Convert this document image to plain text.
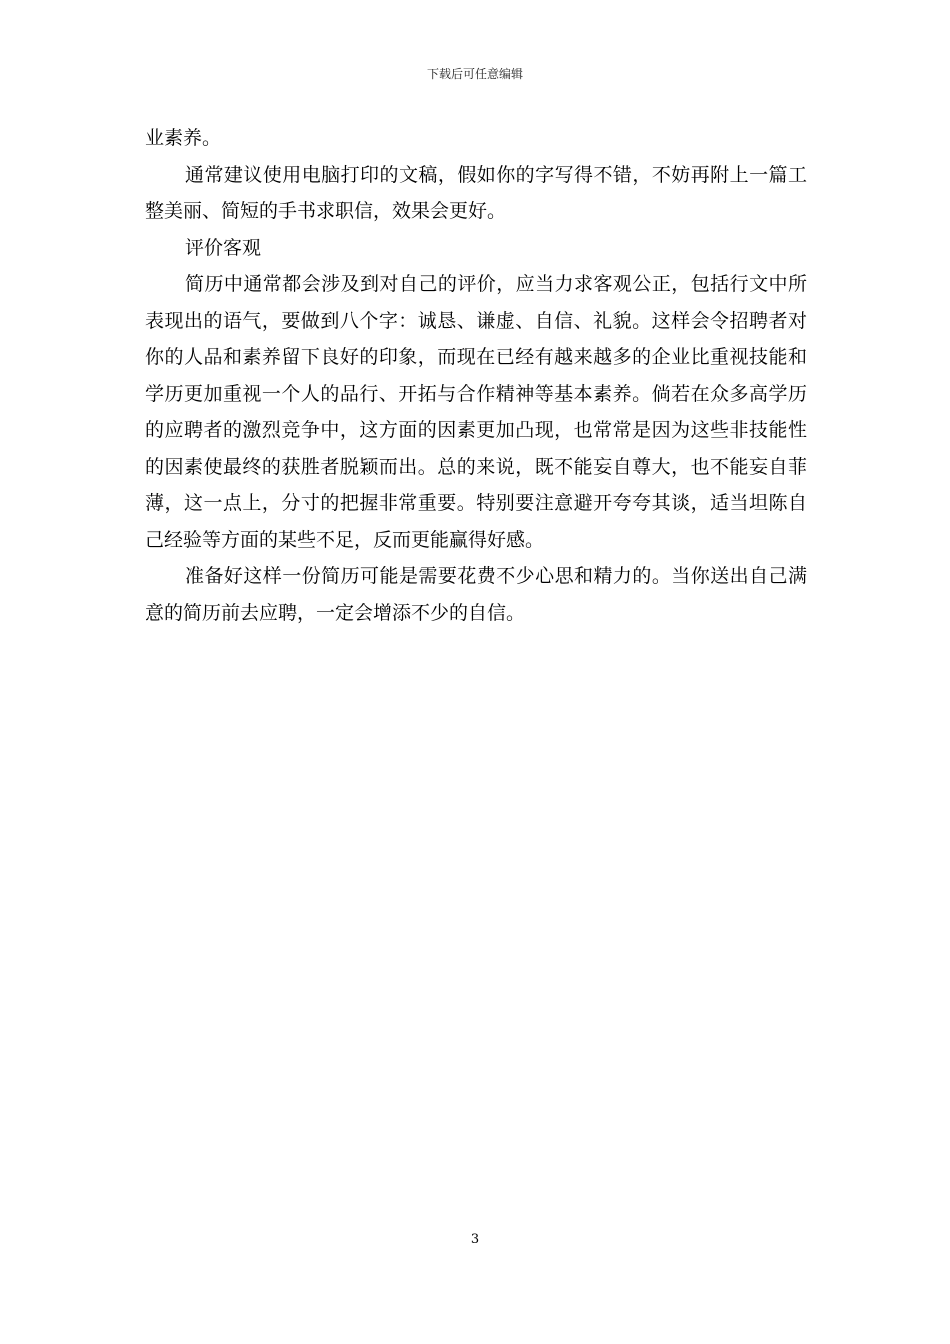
下载后可任意编辑

业素养。

通常建议使用电脑打印的文稿，假如你的字写得不错，不妨再附上一篇工整美丽、简短的手书求职信，效果会更好。

评价客观

简历中通常都会涉及到对自己的评价，应当力求客观公正，包括行文中所表现出的语气，要做到八个字：诚恳、谦虚、自信、礼貌。这样会令招聘者对你的人品和素养留下良好的印象，而现在已经有越来越多的企业比重视技能和学历更加重视一个人的品行、开拓与合作精神等基本素养。倘若在众多高学历的应聘者的激烈竞争中，这方面的因素更加凸现，也常常是因为这些非技能性的因素使最终的获胜者脱颖而出。总的来说，既不能妄自尊大，也不能妄自菲薄，这一点上，分寸的把握非常重要。特别要注意避开夸夸其谈，适当坦陈自己经验等方面的某些不足，反而更能赢得好感。

准备好这样一份简历可能是需要花费不少心思和精力的。当你送出自己满意的简历前去应聘，一定会增添不少的自信。

3
